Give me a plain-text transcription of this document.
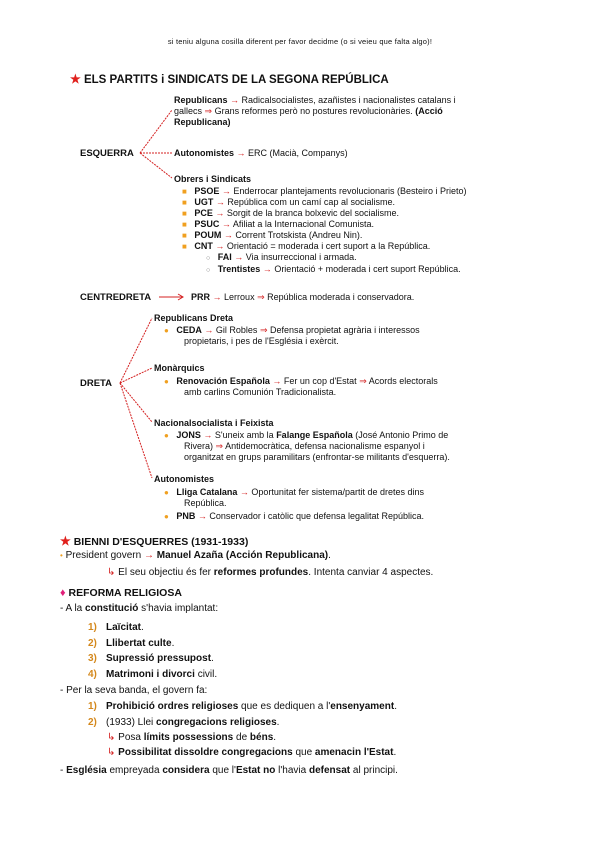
si teniu alguna cosilla diferent per favor decidme (o si veieu que falta algo)!
★ ELS PARTITS i SINDICATS DE LA SEGONA REPÚBLICA
ESQUERRA
Republicans → Radicalsocialistes, azañistes i nacionalistes catalans i
gallecs ⇒ Grans reformes però no postures revolucionàries. (Acció
Republicana)
Autonomistes → ERC (Macià, Companys)
Obrers i Sindicats
■ PSOE → Enderrocar plantejaments revolucionaris (Besteiro i Prieto)
■ UGT → República com un camí cap al socialisme.
■ PCE → Sorgit de la branca bolxevic del socialisme.
■ PSUC → Afiliat a la Internacional Comunista.
■ POUM → Corrent Trotskista (Andreu Nin).
■ CNT → Orientació = moderada i cert suport a la República.
○ FAI → Via insurreccional i armada.
○ Trentistes → Orientació + moderada i cert suport República.
CENTREDRETA	PRR → Lerroux ⇒ República moderada i conservadora.
DRETA
Republicans Dreta
● CEDA → Gil Robles ⇒ Defensa propietat agrària i interessos
propietaris, i pes de l'Església i exèrcit.
Monàrquics
● Renovación Española → Fer un cop d'Estat ⇒ Acords electorals
amb carlins Comunión Tradicionalista.
Nacionalsocialista i Feixista
● JONS → S'uneix amb la Falange Española (José Antonio Primo de
Rivera) ⇒ Antidemocràtica, defensa nacionalisme espanyol i
organitzat en grups paramilitars (enfrontar-se militants d'esquerra).
Autonomistes
● Lliga Catalana → Oportunitat fer sistema/partit de dretes dins
República.
● PNB → Conservador i catòlic que defensa legalitat República.
★ BIENNI D'ESQUERRES (1931-1933)
• President govern → Manuel Azaña (Acción Republicana).
↳ El seu objectiu és fer reformes profundes. Intenta canviar 4 aspectes.
♦ REFORMA RELIGIOSA
- A la constitució s'havia implantat:
1) Laïcitat.
2) Llibertat culte.
3) Supressió pressupost.
4) Matrimoni i divorci civil.
- Per la seva banda, el govern fa:
1) Prohibició ordres religioses que es dediquen a l'ensenyament.
2) (1933) Llei congregacions religioses.
↳ Posa límits possessions de béns.
↳ Possibilitat dissoldre congregacions que amenacin l'Estat.
- Església empreyada considera que l'Estat no l'havia defensat al principi.
